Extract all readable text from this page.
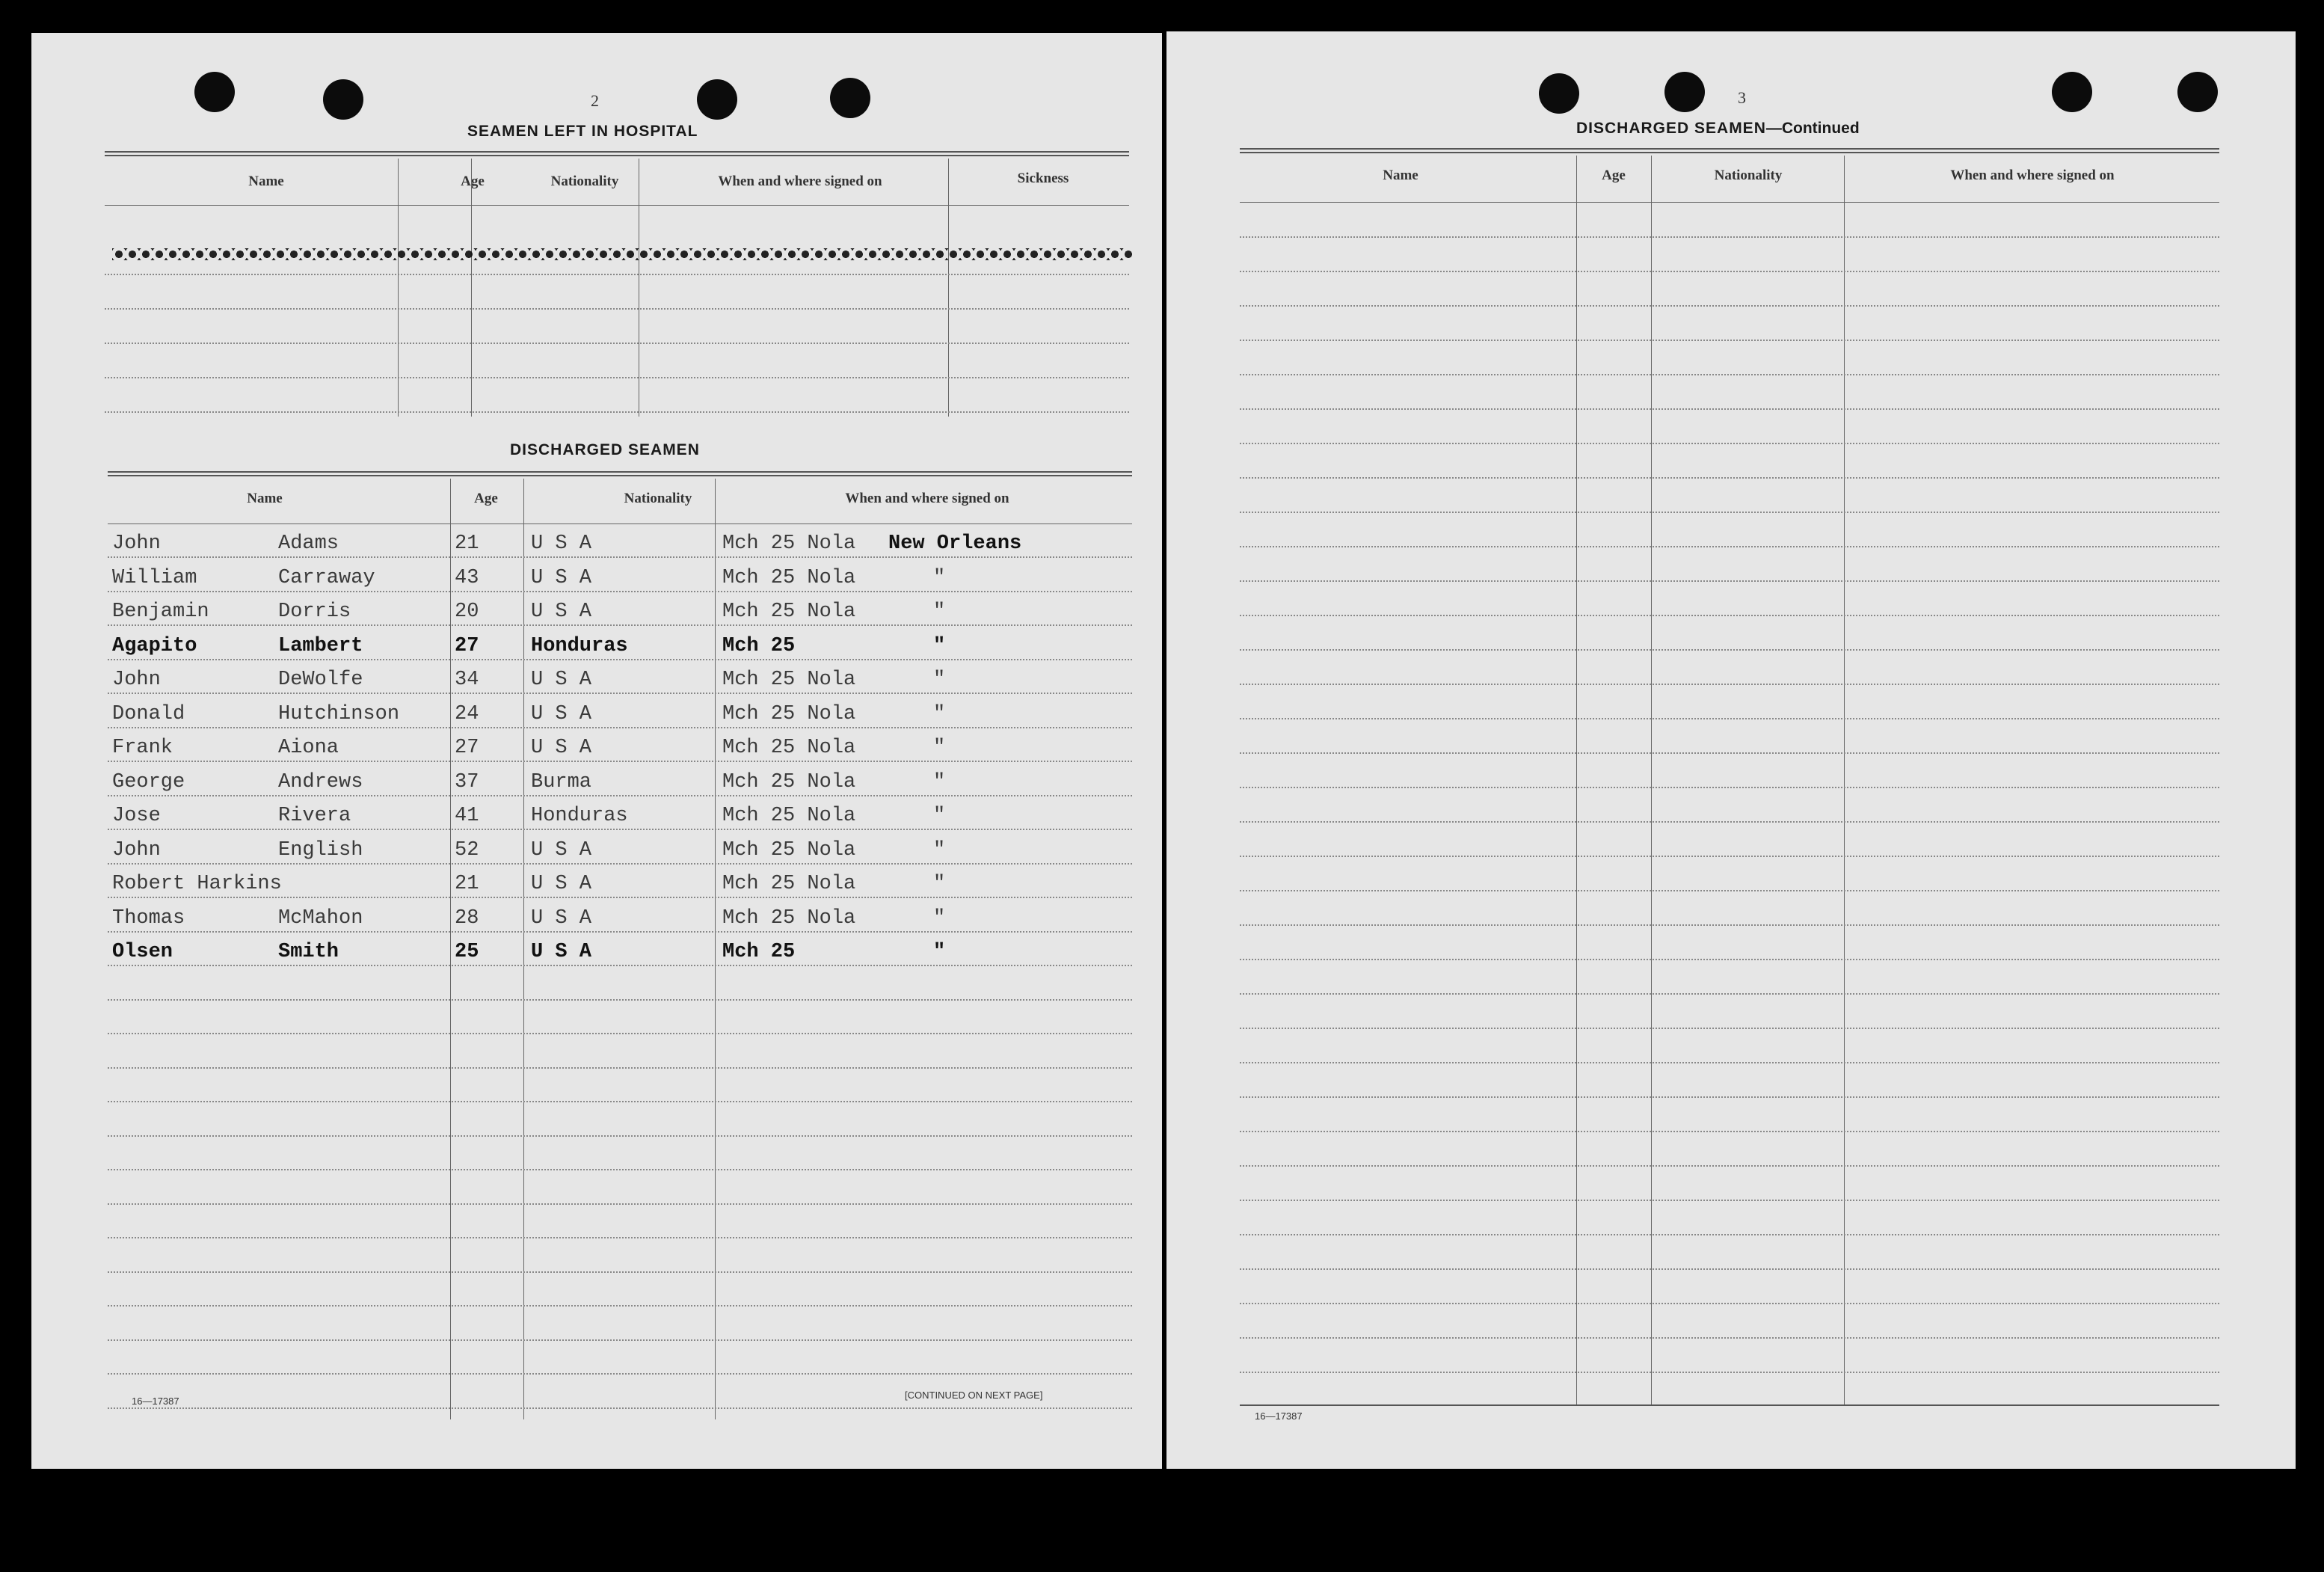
2
SEAMEN LEFT IN HOSPITAL
Name	Age	Nationality	When and where signed on	Sickness
DISCHARGED SEAMEN
Name	Age	Nationality	When and where signed on
John	Adams	21	U S A	Mch 25 Nola New Orleans
William	Carraway	43	U S A	Mch 25 Nola	"
Benjamin	Dorris	20	U S A	Mch 25 Nola	"
Agapito	Lambert	27	Honduras	Mch 25	"
John	DeWolfe	34	U S A	Mch 25 Nola	"
Donald	Hutchinson	24	U S A	Mch 25 Nola	"
Frank	Aiona	27	U S A	Mch 25 Nola	"
George	Andrews	37	Burma	Mch 25 Nola	"
Jose	Rivera	41	Honduras	Mch 25 Nola	"
John	English	52	U S A	Mch 25 Nola	"
Robert Harkins	21	U S A	Mch 25 Nola	"
Thomas	McMahon	28	U S A	Mch 25 Nola	"
Olsen	Smith	25	U S A	Mch 25	"
16—17387
[CONTINUED ON NEXT PAGE]
3
DISCHARGED SEAMEN—Continued
Name	Age	Nationality	When and where signed on
16—17387
